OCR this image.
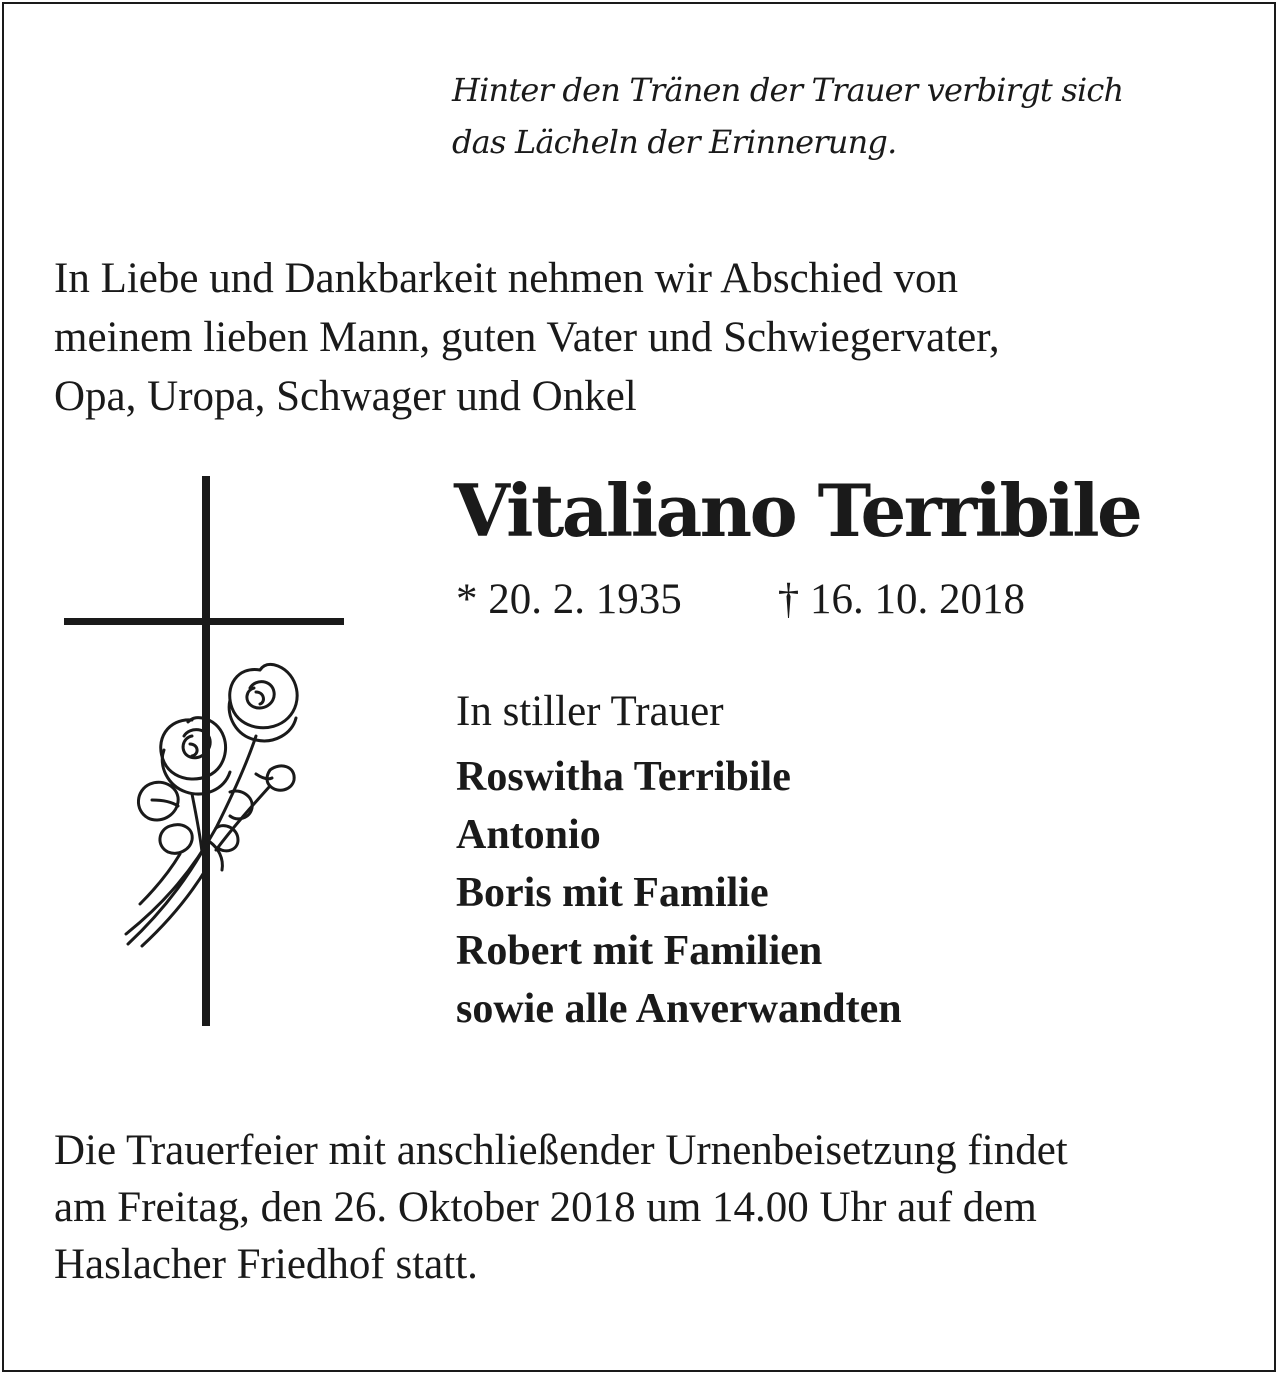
Hinter den Tränen der Trauer verbirgt sich
das Lächeln der Erinnerung.
In Liebe und Dankbarkeit nehmen wir Abschied von
meinem lieben Mann, guten Vater und Schwiegervater,
Opa, Uropa, Schwager und Onkel
Vitaliano Terribile
* 20. 2. 1935 † 16. 10. 2018
In stiller Trauer
Roswitha Terribile
Antonio
Boris mit Familie
Robert mit Familien
sowie alle Anverwandten
Die Trauerfeier mit anschließender Urnenbeisetzung findet
am Freitag, den 26. Oktober 2018 um 14.00 Uhr auf dem
Haslacher Friedhof statt.
